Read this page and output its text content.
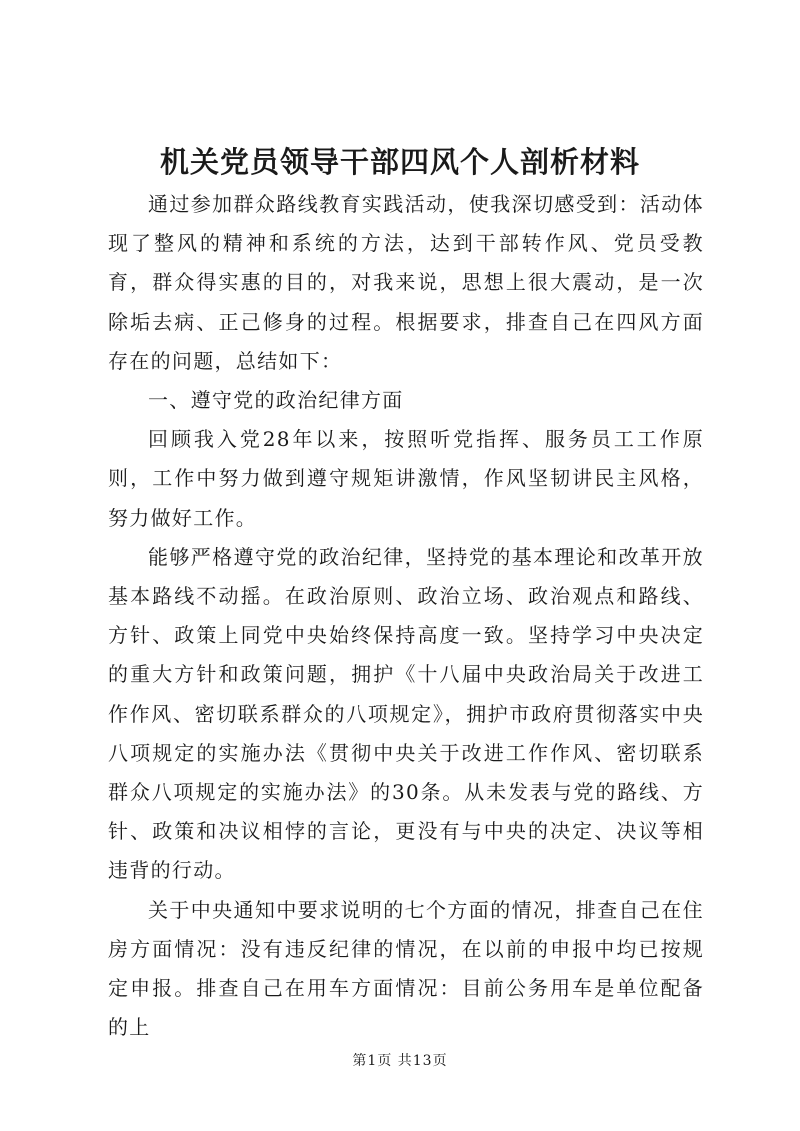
机关党员领导干部四风个人剖析材料

通过参加群众路线教育实践活动，使我深切感受到：活动体现了整风的精神和系统的方法，达到干部转作风、党员受教育，群众得实惠的目的，对我来说，思想上很大震动，是一次除垢去病、正己修身的过程。根据要求，排查自己在四风方面存在的问题，总结如下：

一、遵守党的政治纪律方面

回顾我入党28年以来，按照听党指挥、服务员工工作原则，工作中努力做到遵守规矩讲激情，作风坚韧讲民主风格，努力做好工作。

能够严格遵守党的政治纪律，坚持党的基本理论和改革开放基本路线不动摇。在政治原则、政治立场、政治观点和路线、方针、政策上同党中央始终保持高度一致。坚持学习中央决定的重大方针和政策问题，拥护《十八届中央政治局关于改进工作作风、密切联系群众的八项规定》，拥护市政府贯彻落实中央八项规定的实施办法《贯彻中央关于改进工作作风、密切联系群众八项规定的实施办法》的30条。从未发表与党的路线、方针、政策和决议相悖的言论，更没有与中央的决定、决议等相违背的行动。

关于中央通知中要求说明的七个方面的情况，排查自己在住房方面情况：没有违反纪律的情况，在以前的申报中均已按规定申报。排查自己在用车方面情况：目前公务用车是单位配备的上

第1页 共13页
